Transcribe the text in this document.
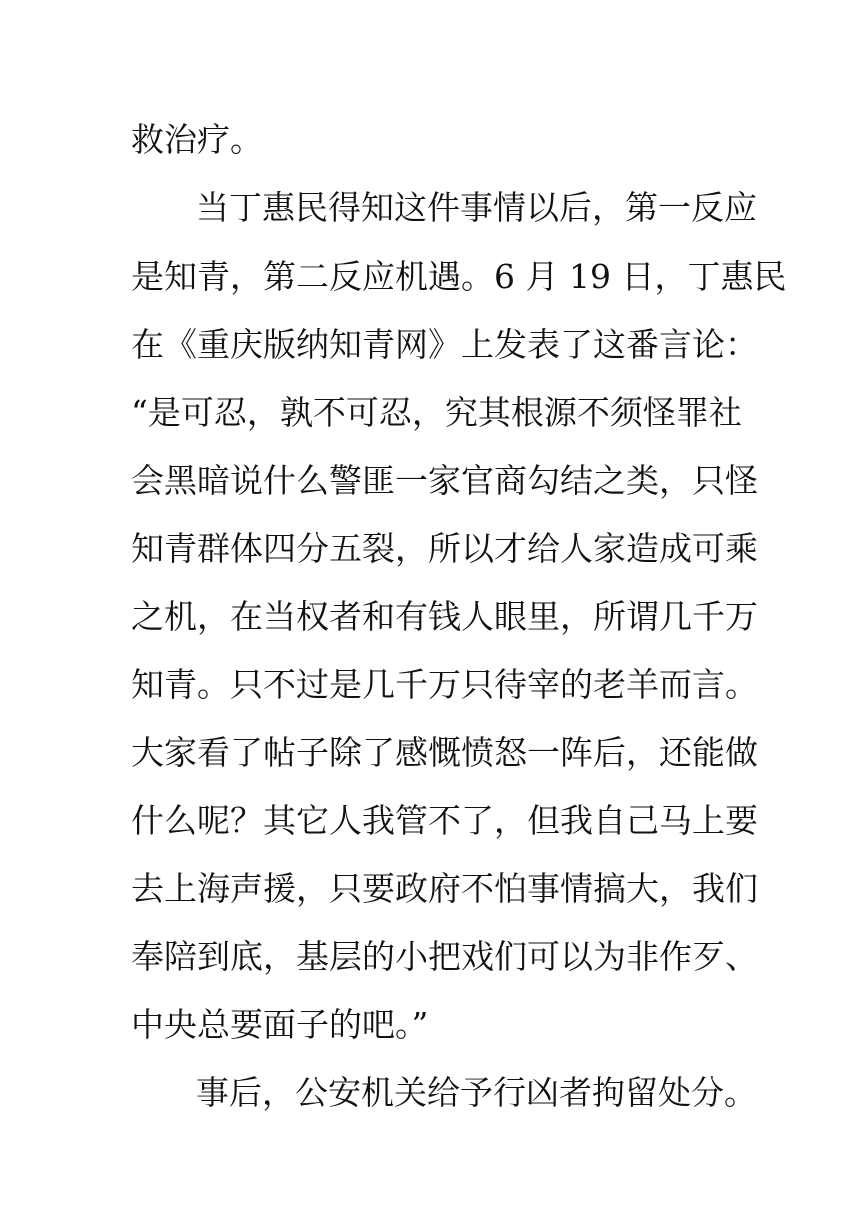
救治疗。
当丁惠民得知这件事情以后，第一反应
是知青，第二反应机遇。6 月 19 日，丁惠民
在《重庆版纳知青网》上发表了这番言论：
“是可忍，孰不可忍，究其根源不须怪罪社
会黑暗说什么警匪一家官商勾结之类，只怪
知青群体四分五裂，所以才给人家造成可乘
之机，在当权者和有钱人眼里，所谓几千万
知青。只不过是几千万只待宰的老羊而言。
大家看了帖子除了感慨愤怒一阵后，还能做
什么呢？其它人我管不了，但我自己马上要
去上海声援，只要政府不怕事情搞大，我们
奉陪到底，基层的小把戏们可以为非作歹、
中央总要面子的吧。”
事后，公安机关给予行凶者拘留处分。
